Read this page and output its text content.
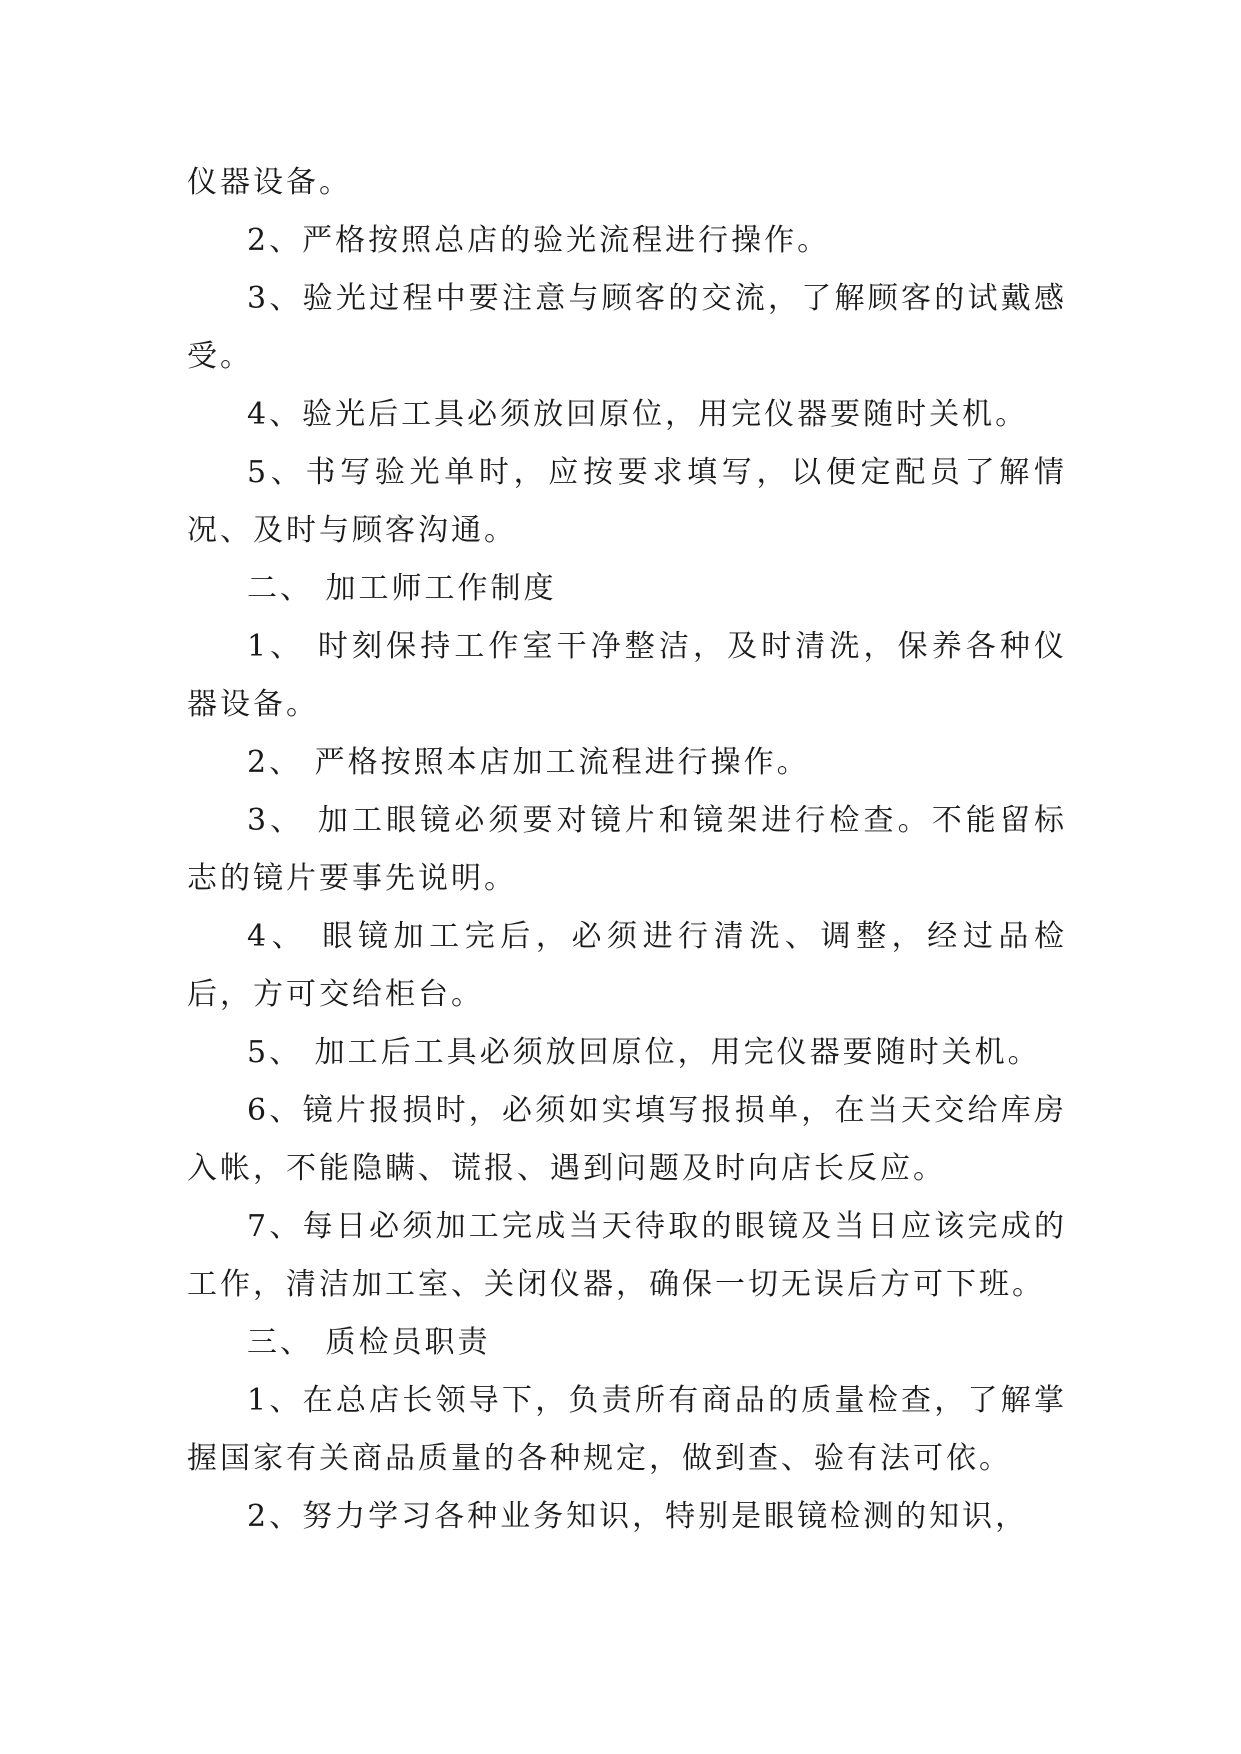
仪器设备。

2、严格按照总店的验光流程进行操作。

3、验光过程中要注意与顾客的交流，了解顾客的试戴感受。

4、验光后工具必须放回原位，用完仪器要随时关机。

5、书写验光单时，应按要求填写，以便定配员了解情况、及时与顾客沟通。

二、 加工师工作制度

1、 时刻保持工作室干净整洁，及时清洗，保养各种仪器设备。

2、 严格按照本店加工流程进行操作。

3、 加工眼镜必须要对镜片和镜架进行检查。不能留标志的镜片要事先说明。

4、 眼镜加工完后，必须进行清洗、调整，经过品检后，方可交给柜台。

5、 加工后工具必须放回原位，用完仪器要随时关机。

6、镜片报损时，必须如实填写报损单，在当天交给库房入帐，不能隐瞒、谎报、遇到问题及时向店长反应。

7、每日必须加工完成当天待取的眼镜及当日应该完成的工作，清洁加工室、关闭仪器，确保一切无误后方可下班。

三、 质检员职责

1、在总店长领导下，负责所有商品的质量检查，了解掌握国家有关商品质量的各种规定，做到查、验有法可依。

2、努力学习各种业务知识，特别是眼镜检测的知识，
